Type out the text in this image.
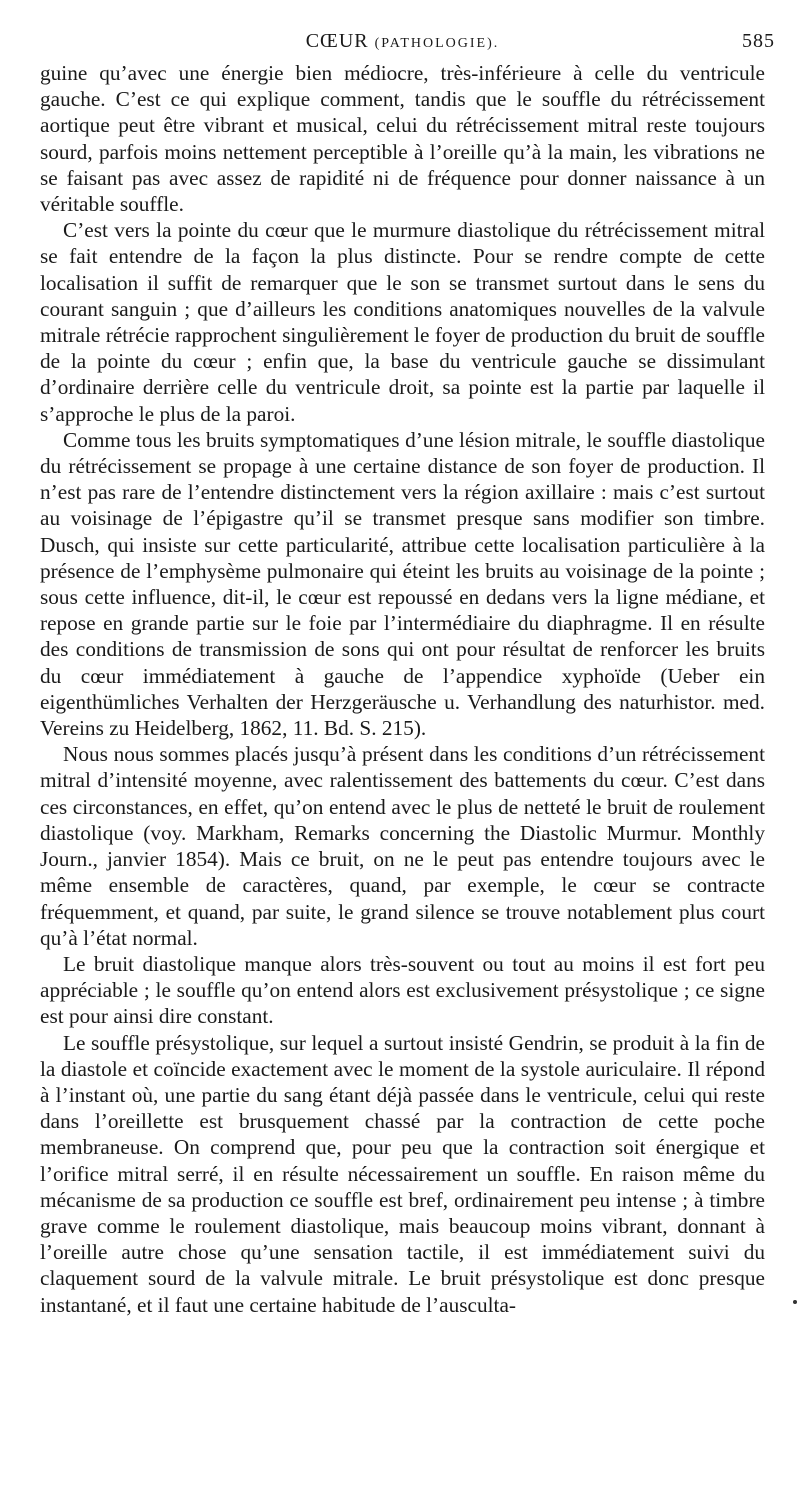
CŒUR (PATHOLOGIE).	585

guine qu’avec une énergie bien médiocre, très-inférieure à celle du ventricule gauche. C’est ce qui explique comment, tandis que le souffle du rétrécissement aortique peut être vibrant et musical, celui du rétrécissement mitral reste toujours sourd, parfois moins nettement perceptible à l’oreille qu’à la main, les vibrations ne se faisant pas avec assez de rapidité ni de fréquence pour donner naissance à un véritable souffle.

C’est vers la pointe du cœur que le murmure diastolique du rétrécissement mitral se fait entendre de la façon la plus distincte. Pour se rendre compte de cette localisation il suffit de remarquer que le son se transmet surtout dans le sens du courant sanguin ; que d’ailleurs les conditions anatomiques nouvelles de la valvule mitrale rétrécie rapprochent singulièrement le foyer de production du bruit de souffle de la pointe du cœur ; enfin que, la base du ventricule gauche se dissimulant d’ordinaire derrière celle du ventricule droit, sa pointe est la partie par laquelle il s’approche le plus de la paroi.

Comme tous les bruits symptomatiques d’une lésion mitrale, le souffle diastolique du rétrécissement se propage à une certaine distance de son foyer de production. Il n’est pas rare de l’entendre distinctement vers la région axillaire : mais c’est surtout au voisinage de l’épigastre qu’il se transmet presque sans modifier son timbre. Dusch, qui insiste sur cette particularité, attribue cette localisation particulière à la présence de l’emphysème pulmonaire qui éteint les bruits au voisinage de la pointe ; sous cette influence, dit-il, le cœur est repoussé en dedans vers la ligne médiane, et repose en grande partie sur le foie par l’intermédiaire du diaphragme. Il en résulte des conditions de transmission de sons qui ont pour résultat de renforcer les bruits du cœur immédiatement à gauche de l’appendice xyphoïde (Ueber ein eigenthümliches Verhalten der Herzgeräusche u. Verhandlung des naturhistor. med. Vereins zu Heidelberg, 1862, 11. Bd. S. 215).

Nous nous sommes placés jusqu’à présent dans les conditions d’un rétrécissement mitral d’intensité moyenne, avec ralentissement des battements du cœur. C’est dans ces circonstances, en effet, qu’on entend avec le plus de netteté le bruit de roulement diastolique (voy. Markham, Remarks concerning the Diastolic Murmur. Monthly Journ., janvier 1854). Mais ce bruit, on ne le peut pas entendre toujours avec le même ensemble de caractères, quand, par exemple, le cœur se contracte fréquemment, et quand, par suite, le grand silence se trouve notablement plus court qu’à l’état normal.

Le bruit diastolique manque alors très-souvent ou tout au moins il est fort peu appréciable ; le souffle qu’on entend alors est exclusivement présystolique ; ce signe est pour ainsi dire constant.

Le souffle présystolique, sur lequel a surtout insisté Gendrin, se produit à la fin de la diastole et coïncide exactement avec le moment de la systole auriculaire. Il répond à l’instant où, une partie du sang étant déjà passée dans le ventricule, celui qui reste dans l’oreillette est brusquement chassé par la contraction de cette poche membraneuse. On comprend que, pour peu que la contraction soit énergique et l’orifice mitral serré, il en résulte nécessairement un souffle. En raison même du mécanisme de sa production ce souffle est bref, ordinairement peu intense ; à timbre grave comme le roulement diastolique, mais beaucoup moins vibrant, donnant à l’oreille autre chose qu’une sensation tactile, il est immédiatement suivi du claquement sourd de la valvule mitrale. Le bruit présystolique est donc presque instantané, et il faut une certaine habitude de l’ausculta-
